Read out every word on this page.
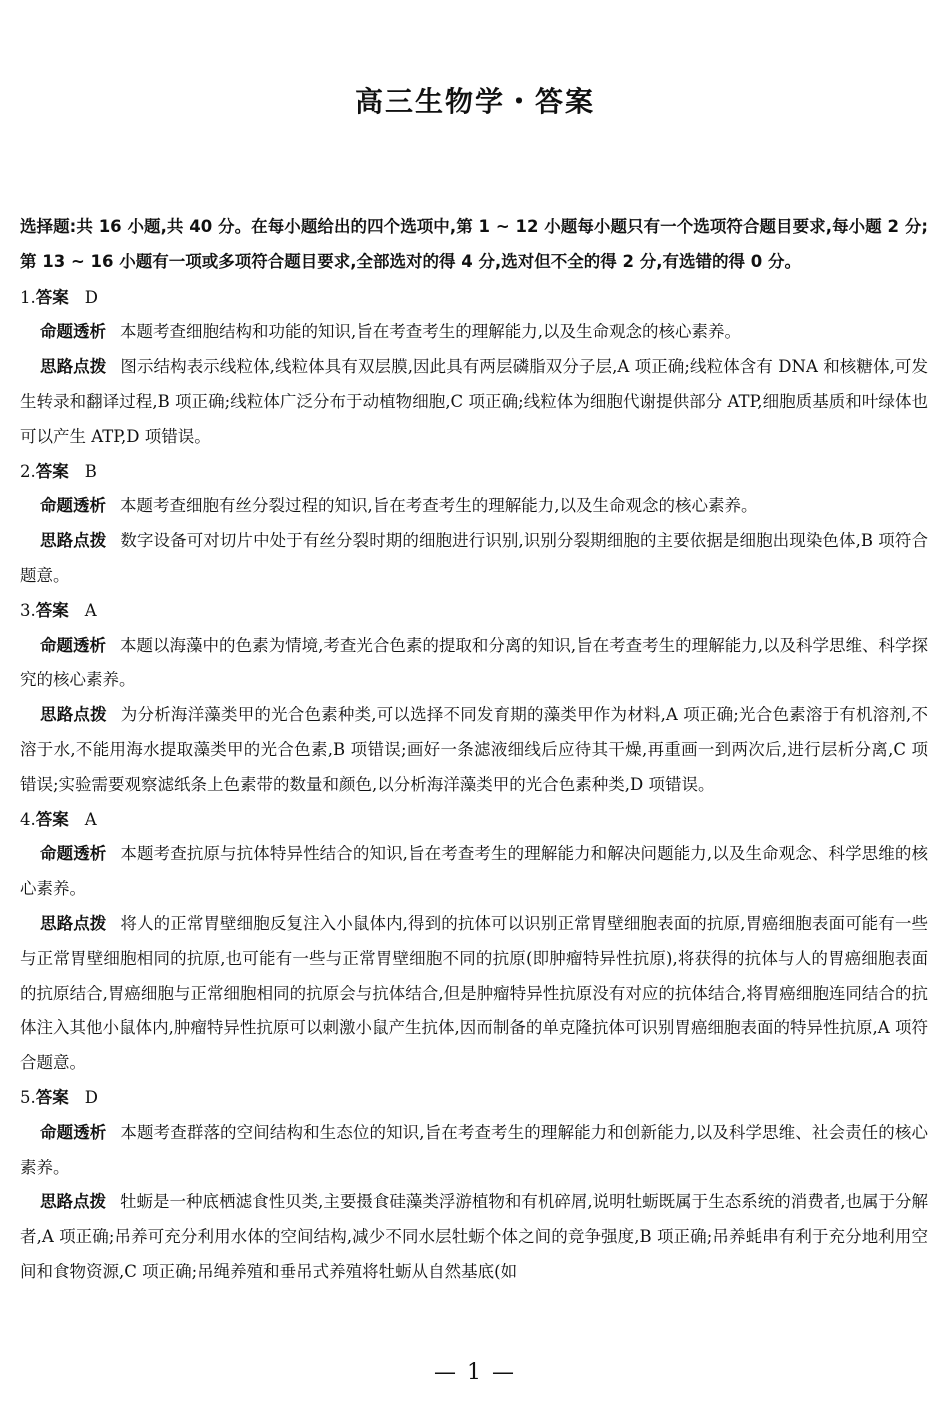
高三生物学・答案

选择题:共 16 小题,共 40 分。在每小题给出的四个选项中,第 1 ~ 12 小题每小题只有一个选项符合题目要求,每小题 2 分;第 13 ~ 16 小题有一项或多项符合题目要求,全部选对的得 4 分,选对但不全的得 2 分,有选错的得 0 分。

1.答案 D

命题透析 本题考查细胞结构和功能的知识,旨在考查考生的理解能力,以及生命观念的核心素养。

思路点拨 图示结构表示线粒体,线粒体具有双层膜,因此具有两层磷脂双分子层,A 项正确;线粒体含有 DNA 和核糖体,可发生转录和翻译过程,B 项正确;线粒体广泛分布于动植物细胞,C 项正确;线粒体为细胞代谢提供部分 ATP,细胞质基质和叶绿体也可以产生 ATP,D 项错误。

2.答案 B

命题透析 本题考查细胞有丝分裂过程的知识,旨在考查考生的理解能力,以及生命观念的核心素养。

思路点拨 数字设备可对切片中处于有丝分裂时期的细胞进行识别,识别分裂期细胞的主要依据是细胞出现染色体,B 项符合题意。

3.答案 A

命题透析 本题以海藻中的色素为情境,考查光合色素的提取和分离的知识,旨在考查考生的理解能力,以及科学思维、科学探究的核心素养。

思路点拨 为分析海洋藻类甲的光合色素种类,可以选择不同发育期的藻类甲作为材料,A 项正确;光合色素溶于有机溶剂,不溶于水,不能用海水提取藻类甲的光合色素,B 项错误;画好一条滤液细线后应待其干燥,再重画一到两次后,进行层析分离,C 项错误;实验需要观察滤纸条上色素带的数量和颜色,以分析海洋藻类甲的光合色素种类,D 项错误。

4.答案 A

命题透析 本题考查抗原与抗体特异性结合的知识,旨在考查考生的理解能力和解决问题能力,以及生命观念、科学思维的核心素养。

思路点拨 将人的正常胃壁细胞反复注入小鼠体内,得到的抗体可以识别正常胃壁细胞表面的抗原,胃癌细胞表面可能有一些与正常胃壁细胞相同的抗原,也可能有一些与正常胃壁细胞不同的抗原(即肿瘤特异性抗原),将获得的抗体与人的胃癌细胞表面的抗原结合,胃癌细胞与正常细胞相同的抗原会与抗体结合,但是肿瘤特异性抗原没有对应的抗体结合,将胃癌细胞连同结合的抗体注入其他小鼠体内,肿瘤特异性抗原可以刺激小鼠产生抗体,因而制备的单克隆抗体可识别胃癌细胞表面的特异性抗原,A 项符合题意。

5.答案 D

命题透析 本题考查群落的空间结构和生态位的知识,旨在考查考生的理解能力和创新能力,以及科学思维、社会责任的核心素养。

思路点拨 牡蛎是一种底栖滤食性贝类,主要摄食硅藻类浮游植物和有机碎屑,说明牡蛎既属于生态系统的消费者,也属于分解者,A 项正确;吊养可充分利用水体的空间结构,减少不同水层牡蛎个体之间的竞争强度,B 项正确;吊养蚝串有利于充分地利用空间和食物资源,C 项正确;吊绳养殖和垂吊式养殖将牡蛎从自然基底(如

— 1 —
